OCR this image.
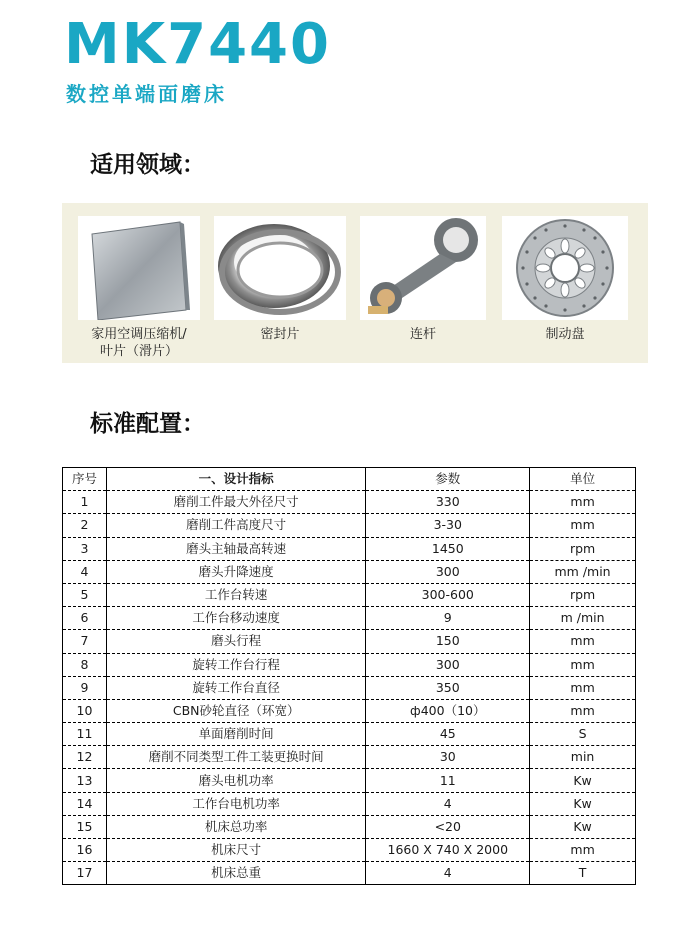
MK7440
数控单端面磨床
适用领域：
家用空调压缩机/
叶片（滑片）
密封片	连杆	制动盘
标准配置：
序号	一、设计指标	参数	单位
1	磨削工件最大外径尺寸	330	mm
2	磨削工件高度尺寸	3-30	mm
3	磨头主轴最高转速	1450	rpm
4	磨头升降速度	300	mm /min
5	工作台转速	300-600	rpm
6	工作台移动速度	9	m /min
7	磨头行程	150	mm
8	旋转工作台行程	300	mm
9	旋转工作台直径	350	mm
10	CBN砂轮直径（环宽）	ф400（10）	mm
11	单面磨削时间	45	S
12	磨削不同类型工件工装更换时间	30	min
13	磨头电机功率	11	Kw
14	工作台电机功率	4	Kw
15	机床总功率	<20	Kw
16	机床尺寸	1660 X 740 X 2000	mm
17	机床总重	4	T
